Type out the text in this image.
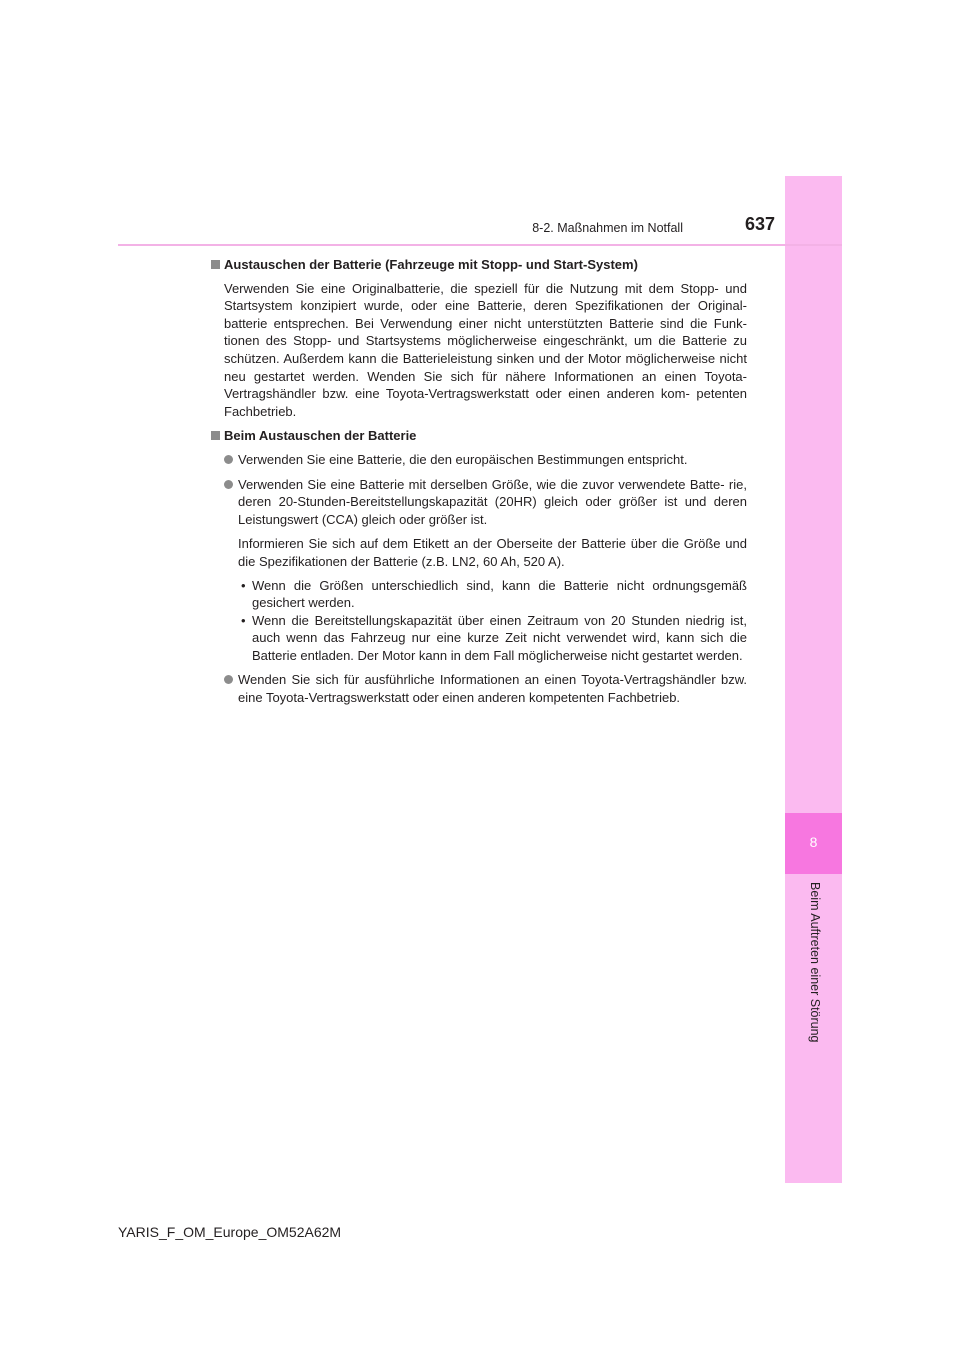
8
Beim Auftreten einer Störung
8-2. Maßnahmen im Notfall	637
Austauschen der Batterie (Fahrzeuge mit Stopp- und Start-System)
Verwenden Sie eine Originalbatterie, die speziell für die Nutzung mit dem Stopp- und Startsystem konzipiert wurde, oder eine Batterie, deren Spezifikationen der Original- batterie entsprechen. Bei Verwendung einer nicht unterstützten Batterie sind die Funk- tionen des Stopp- und Startsystems möglicherweise eingeschränkt, um die Batterie zu schützen. Außerdem kann die Batterieleistung sinken und der Motor möglicherweise nicht neu gestartet werden. Wenden Sie sich für nähere Informationen an einen Toyota-Vertragshändler bzw. eine Toyota-Vertragswerkstatt oder einen anderen kom- petenten Fachbetrieb.
Beim Austauschen der Batterie
Verwenden Sie eine Batterie, die den europäischen Bestimmungen entspricht.
Verwenden Sie eine Batterie mit derselben Größe, wie die zuvor verwendete Batte- rie, deren 20-Stunden-Bereitstellungskapazität (20HR) gleich oder größer ist und deren Leistungswert (CCA) gleich oder größer ist.
Informieren Sie sich auf dem Etikett an der Oberseite der Batterie über die Größe und die Spezifikationen der Batterie (z.B. LN2, 60 Ah, 520 A).
• Wenn die Größen unterschiedlich sind, kann die Batterie nicht ordnungsgemäß gesichert werden.
• Wenn die Bereitstellungskapazität über einen Zeitraum von 20 Stunden niedrig ist, auch wenn das Fahrzeug nur eine kurze Zeit nicht verwendet wird, kann sich die Batterie entladen. Der Motor kann in dem Fall möglicherweise nicht gestartet werden.
Wenden Sie sich für ausführliche Informationen an einen Toyota-Vertragshändler bzw. eine Toyota-Vertragswerkstatt oder einen anderen kompetenten Fachbetrieb.
YARIS_F_OM_Europe_OM52A62M
